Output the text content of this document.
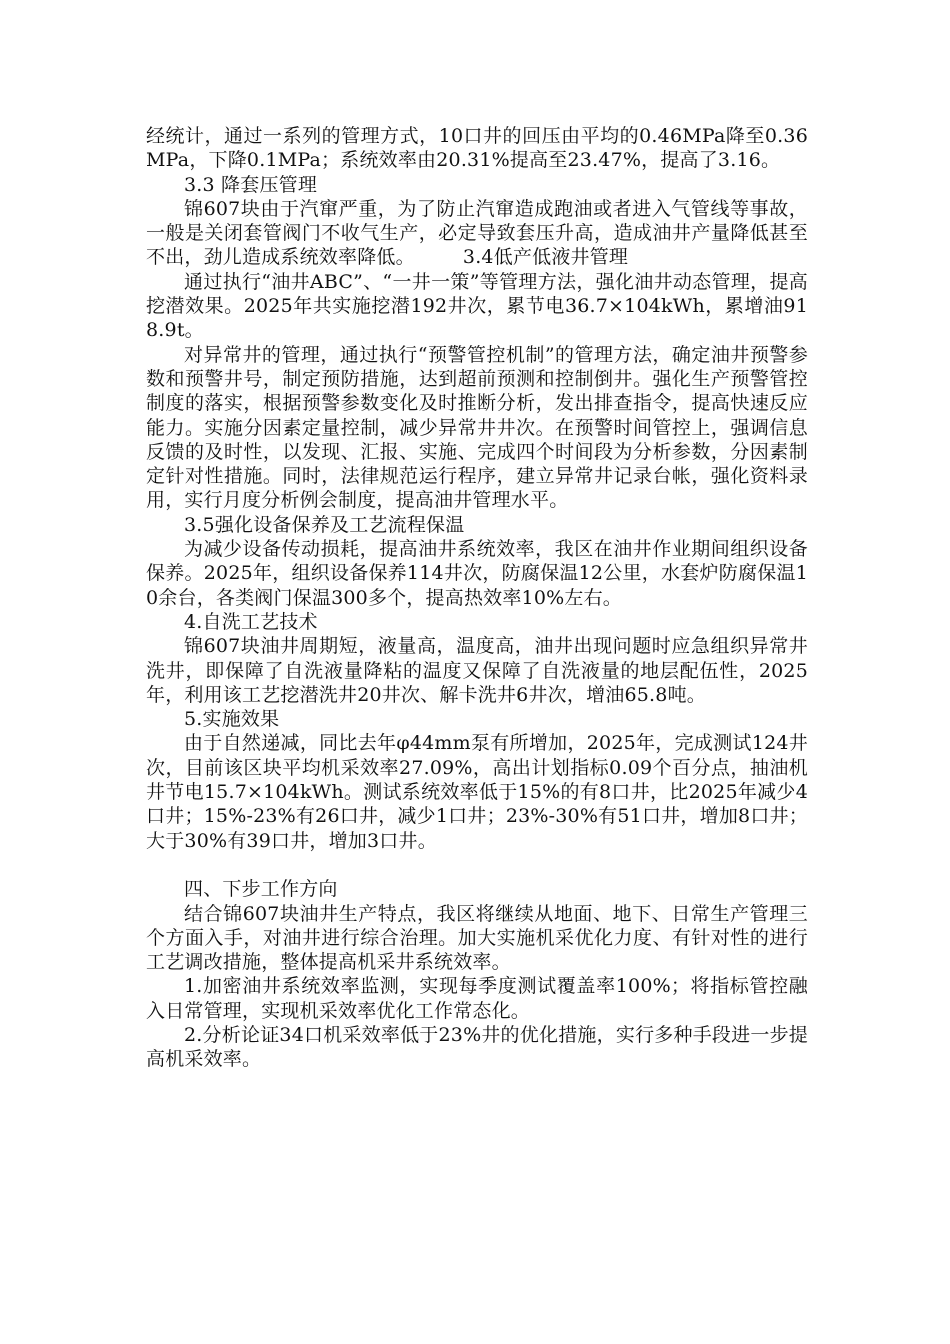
经统计，通过一系列的管理方式，10口井的回压由平均的0.46MPa降至0.36MPa，下降0.1MPa；系统效率由20.31%提高至23.47%，提高了3.16。

3.3 降套压管理

锦607块由于汽窜严重，为了防止汽窜造成跑油或者进入气管线等事故，一般是关闭套管阀门不收气生产，必定导致套压升高，造成油井产量降低甚至不出，劲儿造成系统效率降低。　　　3.4低产低液井管理

通过执行“油井ABC”、“一井一策”等管理方法，强化油井动态管理，提高挖潜效果。2025年共实施挖潜192井次，累节电36.7×104kWh，累增油918.9t。

对异常井的管理，通过执行“预警管控机制”的管理方法，确定油井预警参数和预警井号，制定预防措施，达到超前预测和控制倒井。强化生产预警管控制度的落实，根据预警参数变化及时推断分析，发出排查指令，提高快速反应能力。实施分因素定量控制，减少异常井井次。在预警时间管控上，强调信息反馈的及时性，以发现、汇报、实施、完成四个时间段为分析参数，分因素制定针对性措施。同时，法律规范运行程序，建立异常井记录台帐，强化资料录用，实行月度分析例会制度，提高油井管理水平。

3.5强化设备保养及工艺流程保温

为减少设备传动损耗，提高油井系统效率，我区在油井作业期间组织设备保养。2025年，组织设备保养114井次，防腐保温12公里，水套炉防腐保温10余台，各类阀门保温300多个，提高热效率10%左右。

4.自洗工艺技术

锦607块油井周期短，液量高，温度高，油井出现问题时应急组织异常井洗井，即保障了自洗液量降粘的温度又保障了自洗液量的地层配伍性，2025年，利用该工艺挖潜洗井20井次、解卡洗井6井次，增油65.8吨。

5.实施效果

由于自然递减，同比去年φ44mm泵有所增加，2025年，完成测试124井次，目前该区块平均机采效率27.09%，高出计划指标0.09个百分点，抽油机井节电15.7×104kWh。测试系统效率低于15%的有8口井，比2025年减少4口井；15%-23%有26口井，减少1口井；23%-30%有51口井，增加8口井；大于30%有39口井，增加3口井。

四、下步工作方向

结合锦607块油井生产特点，我区将继续从地面、地下、日常生产管理三个方面入手，对油井进行综合治理。加大实施机采优化力度、有针对性的进行工艺调改措施，整体提高机采井系统效率。

1.加密油井系统效率监测，实现每季度测试覆盖率100%；将指标管控融入日常管理，实现机采效率优化工作常态化。

2.分析论证34口机采效率低于23%井的优化措施，实行多种手段进一步提高机采效率。
